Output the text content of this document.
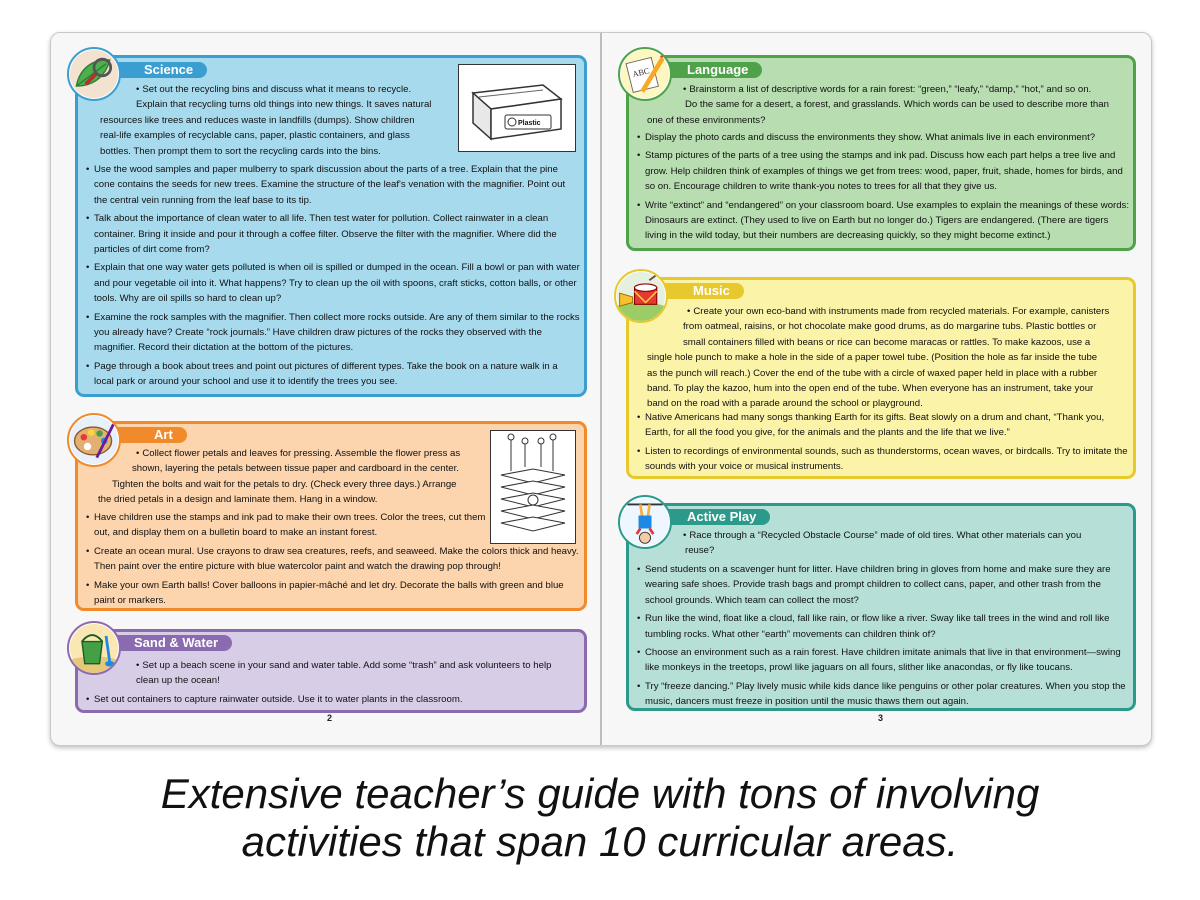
Science
Plastic
• Set out the recycling bins and discuss what it means to recycle.
Explain that recycling turns old things into new things. It saves natural
resources like trees and reduces waste in landfills (dumps). Show children
real-life examples of recyclable cans, paper, plastic containers, and glass
bottles. Then prompt them to sort the recycling cards into the bins.

• Use the wood samples and paper mulberry to spark discussion about the parts of a tree. Explain that the pine cone contains the seeds for new trees. Examine the structure of the leaf's venation with the magnifier. Point out the central vein running from the leaf base to its tip.

• Talk about the importance of clean water to all life. Then test water for pollution. Collect rainwater in a clean container. Bring it inside and pour it through a coffee filter. Observe the filter with the magnifier. Where did the particles of dirt come from?

• Explain that one way water gets polluted is when oil is spilled or dumped in the ocean. Fill a bowl or pan with water and pour vegetable oil into it. What happens? Try to clean up the oil with spoons, craft sticks, cotton balls, or other tools. Why are oil spills so hard to clean up?

• Examine the rock samples with the magnifier. Then collect more rocks outside. Are any of them similar to the rocks you already have? Create “rock journals.” Have children draw pictures of the rocks they observed with the magnifier. Record their dictation at the bottom of the pictures.

• Page through a book about trees and point out pictures of different types. Take the book on a nature walk in a local park or around your school and use it to identify the trees you see.

Art
• Collect flower petals and leaves for pressing. Assemble the flower press as
shown, layering the petals between tissue paper and cardboard in the center.
Tighten the bolts and wait for the petals to dry. (Check every three days.) Arrange
the dried petals in a design and laminate them. Hang in a window.

• Have children use the stamps and ink pad to make their own trees. Color the trees, cut them out, and display them on a bulletin board to make an instant forest.

• Create an ocean mural. Use crayons to draw sea creatures, reefs, and seaweed. Make the colors thick and heavy. Then paint over the entire picture with blue watercolor paint and watch the drawing pop through!

• Make your own Earth balls! Cover balloons in papier-mâché and let dry. Decorate the balls with green and blue paint or markers.

Sand & Water
• Set up a beach scene in your sand and water table. Add some “trash” and ask volunteers to help
clean up the ocean!

• Set out containers to capture rainwater outside. Use it to water plants in the classroom.

2
Language
• Brainstorm a list of descriptive words for a rain forest: “green,” “leafy,” “damp,” “hot,” and so on.
Do the same for a desert, a forest, and grasslands. Which words can be used to describe more than
one of these environments?

• Display the photo cards and discuss the environments they show. What animals live in each environment?

• Stamp pictures of the parts of a tree using the stamps and ink pad. Discuss how each part helps a tree live and grow. Help children think of examples of things we get from trees: wood, paper, fruit, shade, homes for birds, and so on. Encourage children to write thank-you notes to trees for all that they give us.

• Write “extinct” and “endangered” on your classroom board. Use examples to explain the meanings of these words: Dinosaurs are extinct. (They used to live on Earth but no longer do.) Tigers are endangered. (There are tigers living in the wild today, but their numbers are decreasing quickly, so they might become extinct.)

ABC
Music
• Create your own eco-band with instruments made from recycled materials. For example, canisters
from oatmeal, raisins, or hot chocolate make good drums, as do margarine tubs. Plastic bottles or
small containers filled with beans or rice can become maracas or rattles. To make kazoos, use a
single hole punch to make a hole in the side of a paper towel tube. (Position the hole as far inside the tube
as the punch will reach.) Cover the end of the tube with a circle of waxed paper held in place with a rubber
band. To play the kazoo, hum into the open end of the tube. When everyone has an instrument, take your
band on the road with a parade around the school or playground.

• Native Americans had many songs thanking Earth for its gifts. Beat slowly on a drum and chant, “Thank you, Earth, for all the food you give, for the animals and the plants and the life that we live.”

• Listen to recordings of environmental sounds, such as thunderstorms, ocean waves, or birdcalls. Try to imitate the sounds with your voice or musical instruments.

Active Play
• Race through a “Recycled Obstacle Course” made of old tires. What other materials can you
reuse?

• Send students on a scavenger hunt for litter. Have children bring in gloves from home and make sure they are wearing safe shoes. Provide trash bags and prompt children to collect cans, paper, and other trash from the school grounds. Which team can collect the most?

• Run like the wind, float like a cloud, fall like rain, or flow like a river. Sway like tall trees in the wind and roll like tumbling rocks. What other “earth” movements can children think of?

• Choose an environment such as a rain forest. Have children imitate animals that live in that environment—swing like monkeys in the treetops, prowl like jaguars on all fours, slither like anacondas, or fly like toucans.

• Try “freeze dancing.” Play lively music while kids dance like penguins or other polar creatures. When you stop the music, dancers must freeze in position until the music thaws them out again.

3
Extensive teacher’s guide with tons of involving
activities that span 10 curricular areas.
